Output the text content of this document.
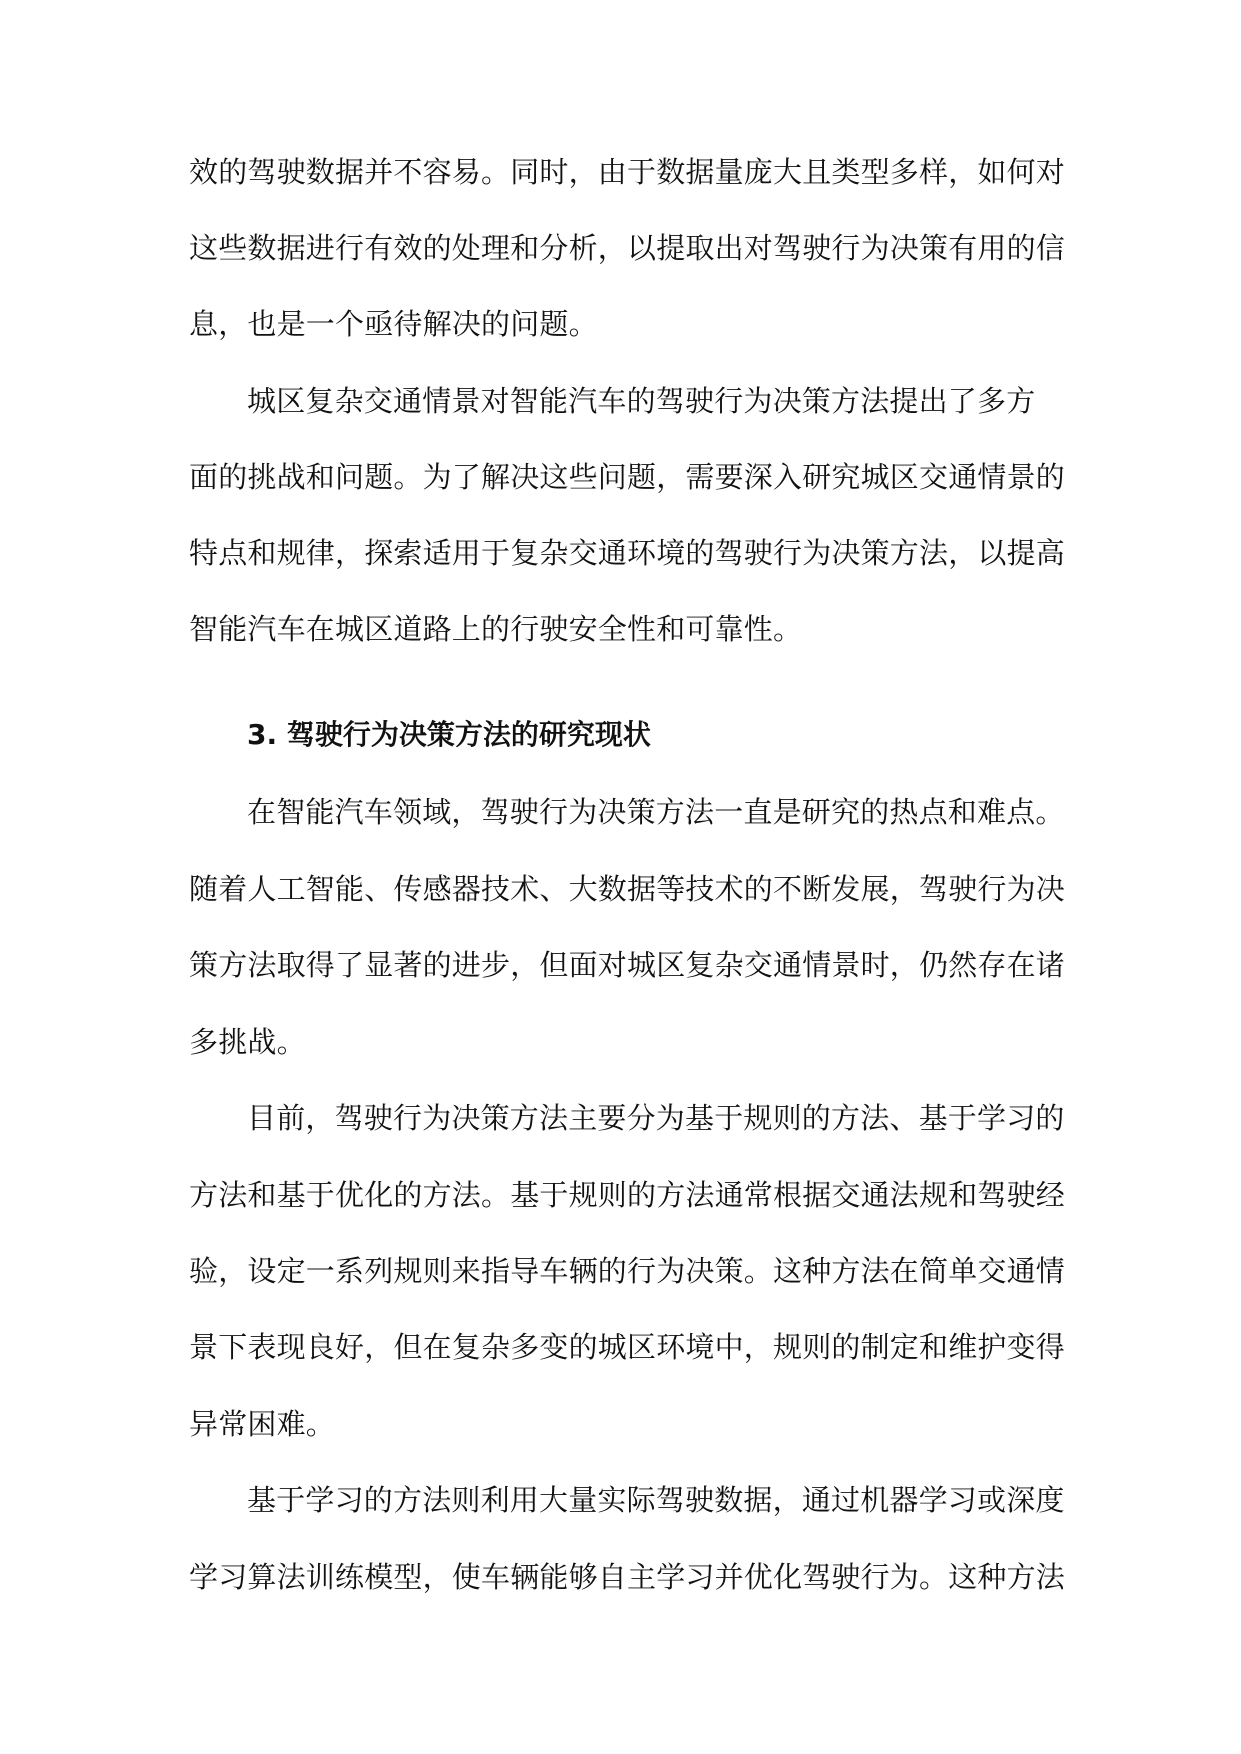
效的驾驶数据并不容易。同时，由于数据量庞大且类型多样，如何对
这些数据进行有效的处理和分析，以提取出对驾驶行为决策有用的信
息，也是一个亟待解决的问题。
城区复杂交通情景对智能汽车的驾驶行为决策方法提出了多方
面的挑战和问题。为了解决这些问题，需要深入研究城区交通情景的
特点和规律，探索适用于复杂交通环境的驾驶行为决策方法，以提高
智能汽车在城区道路上的行驶安全性和可靠性。
3. 驾驶行为决策方法的研究现状
在智能汽车领域，驾驶行为决策方法一直是研究的热点和难点。
随着人工智能、传感器技术、大数据等技术的不断发展，驾驶行为决
策方法取得了显著的进步，但面对城区复杂交通情景时，仍然存在诸
多挑战。
目前，驾驶行为决策方法主要分为基于规则的方法、基于学习的
方法和基于优化的方法。基于规则的方法通常根据交通法规和驾驶经
验，设定一系列规则来指导车辆的行为决策。这种方法在简单交通情
景下表现良好，但在复杂多变的城区环境中，规则的制定和维护变得
异常困难。
基于学习的方法则利用大量实际驾驶数据，通过机器学习或深度
学习算法训练模型，使车辆能够自主学习并优化驾驶行为。这种方法
